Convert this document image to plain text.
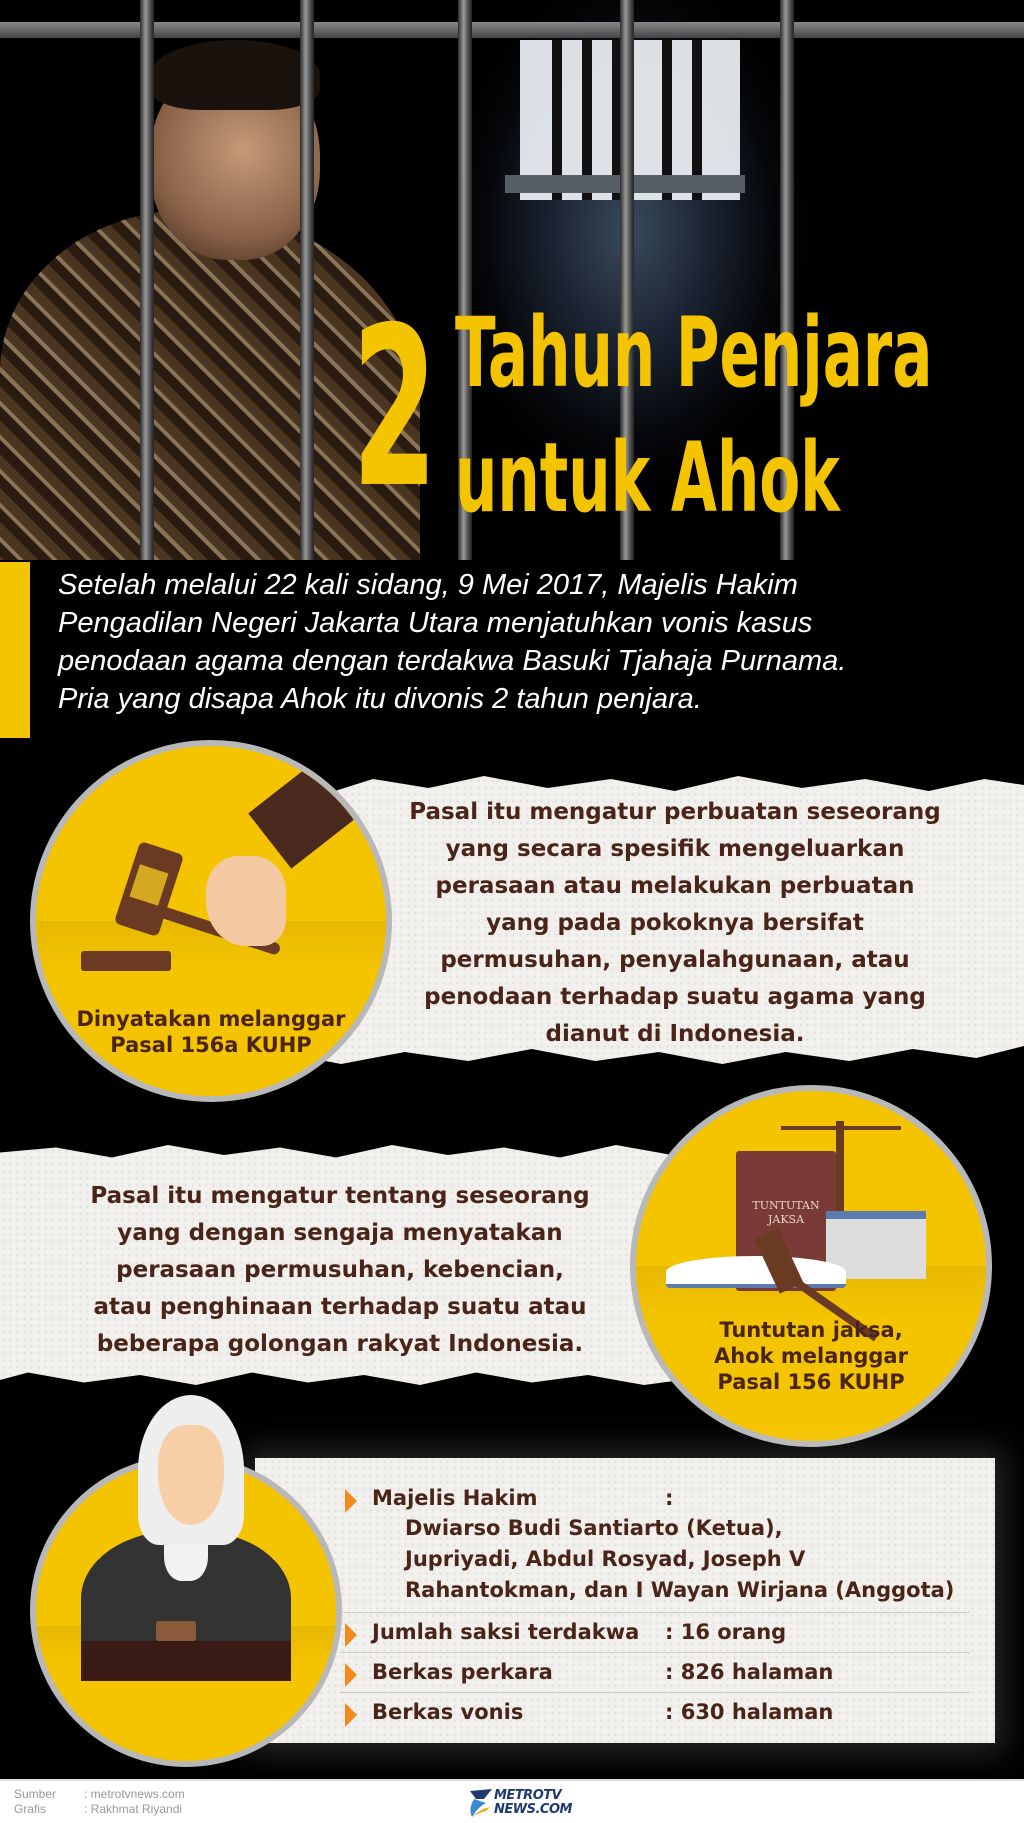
2 Tahun Penjara
untuk Ahok
Setelah melalui 22 kali sidang, 9 Mei 2017, Majelis Hakim
Pengadilan Negeri Jakarta Utara menjatuhkan vonis kasus
penodaan agama dengan terdakwa Basuki Tjahaja Purnama.
Pria yang disapa Ahok itu divonis 2 tahun penjara.
Pasal itu mengatur perbuatan seseorang
yang secara spesifik mengeluarkan
perasaan atau melakukan perbuatan
yang pada pokoknya bersifat
permusuhan, penyalahgunaan, atau
penodaan terhadap suatu agama yang
dianut di Indonesia.
Dinyatakan melanggar
Pasal 156a KUHP
Pasal itu mengatur tentang seseorang
yang dengan sengaja menyatakan
perasaan permusuhan, kebencian,
atau penghinaan terhadap suatu atau
beberapa golongan rakyat Indonesia.
TUNTUTAN
JAKSA
Tuntutan jaksa,
Ahok melanggar
Pasal 156 KUHP
Majelis Hakim	:
Dwiarso Budi Santiarto (Ketua),
Jupriyadi, Abdul Rosyad, Joseph V
Rahantokman, dan I Wayan Wirjana (Anggota)
Jumlah saksi terdakwa : 16 orang
Berkas perkara	: 826 halaman
Berkas vonis	: 630 halaman
Sumber : metrotvnews.com
Grafis	: Rakhmat Riyandi
METROTV
NEWS.COM
